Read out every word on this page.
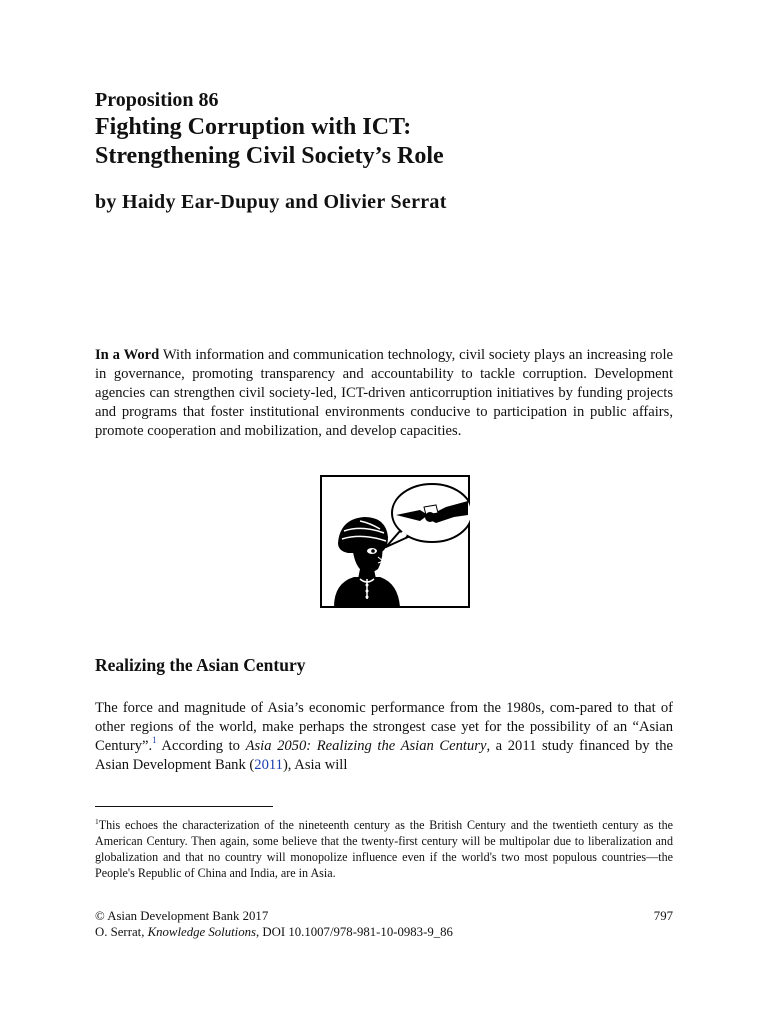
Proposition 86
Fighting Corruption with ICT:
Strengthening Civil Society’s Role
by Haidy Ear-Dupuy and Olivier Serrat

In a Word With information and communication technology, civil society plays an increasing role in governance, promoting transparency and accountability to tackle corruption. Development agencies can strengthen civil society-led, ICT-driven anticorruption initiatives by funding projects and programs that foster institutional environments conducive to participation in public affairs, promote cooperation and mobilization, and develop capacities.

Realizing the Asian Century

The force and magnitude of Asia’s economic performance from the 1980s, com-pared to that of other regions of the world, make perhaps the strongest case yet for the possibility of an “Asian Century”.$^1$ According to Asia 2050: Realizing the Asian Century, a 2011 study financed by the Asian Development Bank (2011), Asia will

$^1$This echoes the characterization of the nineteenth century as the British Century and the twentieth century as the American Century. Then again, some believe that the twenty-first century will be multipolar due to liberalization and globalization and that no country will monopolize influence even if the world's two most populous countries—the People's Republic of China and India, are in Asia.

© Asian Development Bank 2017	797
O. Serrat, Knowledge Solutions, DOI 10.1007/978-981-10-0983-9_86
